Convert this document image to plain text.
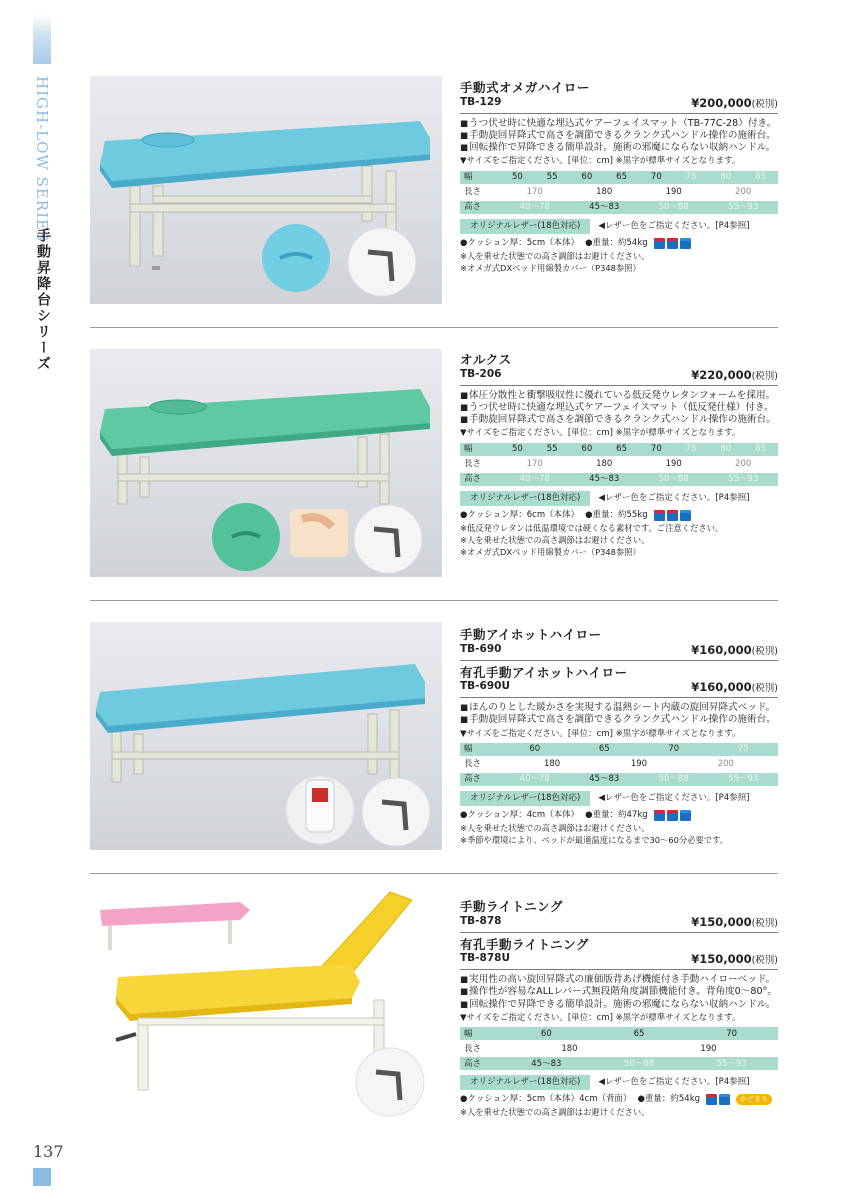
HIGH-LOW SERIES
手動昇降台シリーズ
137
手動式オメガハイロー
TB-129	¥200,000(税別)
■ うつ伏せ時に快適な埋込式ケアーフェイスマット（TB-77C-28）付き。
■ 手動旋回昇降式で高さを調節できるクランク式ハンドル操作の施術台。
■ 回転操作で昇降できる簡単設計。施術の邪魔にならない収納ハンドル。
▼サイズをご指定ください。[単位：cm] ※黒字が標準サイズとなります。
幅	50	55	60	65	70	75	80	85
長さ	170		180		190		200	
高さ	40〜78		45〜83		50〜88		55〜93	
オリジナルレザー(18色対応)	◀レザー色をご指定ください。[P4参照]
●クッション厚：5cm（本体） ●重量：約54kg
※人を乗せた状態での高さ調節はお避けください。
※オメガ式DXベッド用綿製カバー（P348参照）
オルクス
TB-206	¥220,000(税別)
■ 体圧分散性と衝撃吸収性に優れている低反発ウレタンフォームを採用。
■ うつ伏せ時に快適な埋込式ケアーフェイスマット（低反発仕様）付き。
■ 手動旋回昇降式で高さを調節できるクランク式ハンドル操作の施術台。
▼サイズをご指定ください。[単位：cm] ※黒字が標準サイズとなります。
幅	50	55	60	65	70	75	80	85
長さ	170		180		190		200	
高さ	40〜78		45〜83		50〜88		55〜93	
オリジナルレザー(18色対応)	◀レザー色をご指定ください。[P4参照]
●クッション厚：6cm（本体） ●重量：約55kg
※低反発ウレタンは低温環境では硬くなる素材です。ご注意ください。
※人を乗せた状態での高さ調節はお避けください。
※オメガ式DXベッド用綿製カバー（P348参照）
手動アイホットハイロー
TB-690	¥160,000(税別)
有孔手動アイホットハイロー
TB-690U	¥160,000(税別)
■ ほんのりとした暖かさを実現する温熱シート内蔵の旋回昇降式ベッド。
■ 手動旋回昇降式で高さを調節できるクランク式ハンドル操作の施術台。
▼サイズをご指定ください。[単位：cm] ※黒字が標準サイズとなります。
幅	60	65		70		75
長さ	180		190		200	
高さ	40〜78	45〜83		50〜88		55〜93
オリジナルレザー(18色対応)	◀レザー色をご指定ください。[P4参照]
●クッション厚：4cm（本体） ●重量：約47kg
※人を乗せた状態での高さ調節はお避けください。
※季節や環境により、ベッドが最適温度になるまで30〜60分必要です。
手動ライトニング
TB-878	¥150,000(税別)
有孔手動ライトニング
TB-878U	¥150,000(税別)
■ 実用性の高い旋回昇降式の廉価版背あげ機能付き手動ハイローベッド。
■ 操作性が容易なALLレバー式無段階角度調節機能付き。背角度0〜80°。
■ 回転操作で昇降できる簡単設計。施術の邪魔にならない収納ハンドル。
▼サイズをご指定ください。[単位：cm] ※黒字が標準サイズとなります。
幅	60	65		70
長さ	180		190	
高さ	45〜83	50〜88		55〜93
オリジナルレザー(18色対応)	◀レザー色をご指定ください。[P4参照]
●クッション厚：5cm（本体）4cm（背面） ●重量：約54kg	かどまる
※人を乗せた状態での高さ調節はお避けください。
